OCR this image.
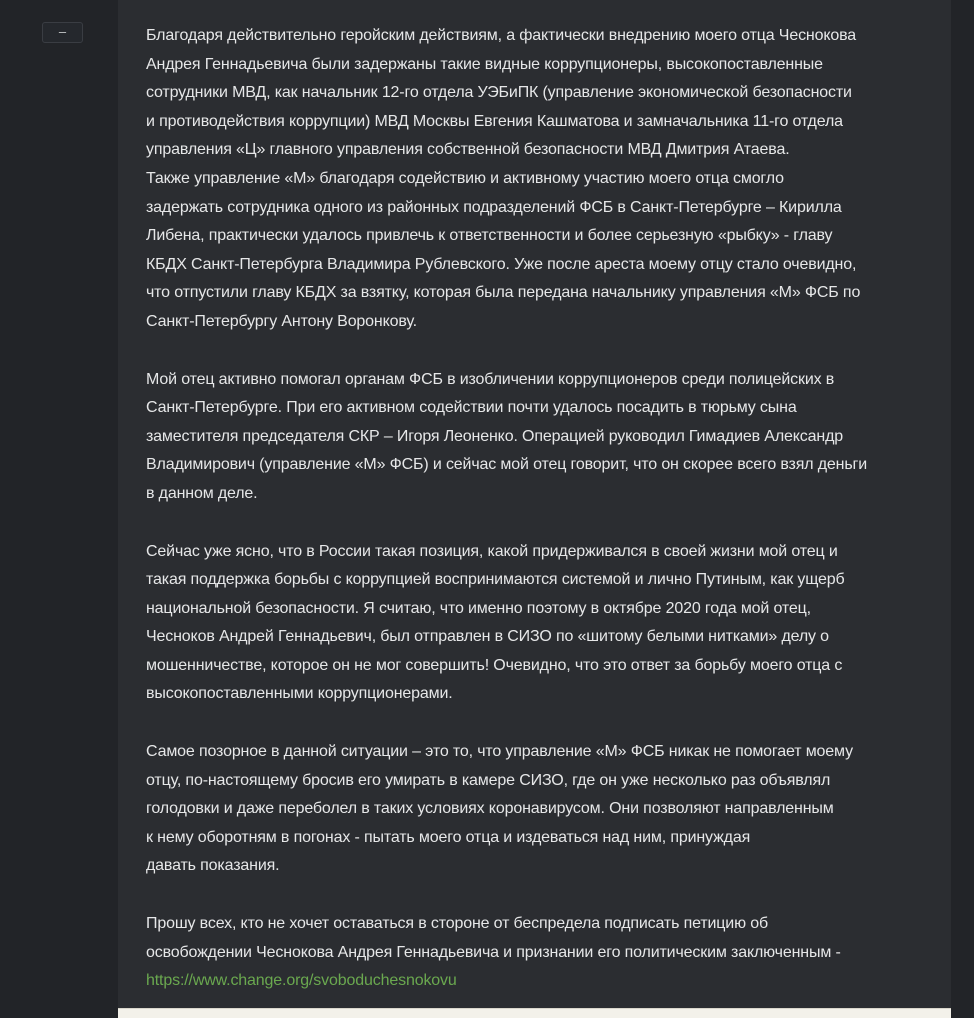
–	Благодаря действительно геройским действиям, а фактически внедрению моего отца Чеснокова
Андрея Геннадьевича были задержаны такие видные коррупционеры, высокопоставленные
сотрудники МВД, как начальник 12-го отдела УЭБиПК (управление экономической безопасности
и противодействия коррупции) МВД Москвы Евгения Кашматова и замначальника 11-го отдела
управления «Ц» главного управления собственной безопасности МВД Дмитрия Атаева.
Также управление «М» благодаря содействию и активному участию моего отца смогло
задержать сотрудника одного из районных подразделений ФСБ в Санкт-Петербурге – Кирилла
Либена, практически удалось привлечь к ответственности и более серьезную «рыбку» - главу
КБДХ Санкт-Петербурга Владимира Рублевского. Уже после ареста моему отцу стало очевидно,
что отпустили главу КБДХ за взятку, которая была передана начальнику управления «М» ФСБ по
Санкт-Петербургу Антону Воронкову.

Мой отец активно помогал органам ФСБ в изобличении коррупционеров среди полицейских в
Санкт-Петербурге. При его активном содействии почти удалось посадить в тюрьму сына
заместителя председателя СКР – Игоря Леоненко. Операцией руководил Гимадиев Александр
Владимирович (управление «М» ФСБ) и сейчас мой отец говорит, что он скорее всего взял деньги
в данном деле.

Сейчас уже ясно, что в России такая позиция, какой придерживался в своей жизни мой отец и
такая поддержка борьбы с коррупцией воспринимаются системой и лично Путиным, как ущерб
национальной безопасности. Я считаю, что именно поэтому в октябре 2020 года мой отец,
Чесноков Андрей Геннадьевич, был отправлен в СИЗО по «шитому белыми нитками» делу о
мошенничестве, которое он не мог совершить! Очевидно, что это ответ за борьбу моего отца с
высокопоставленными коррупционерами.

Самое позорное в данной ситуации – это то, что управление «М» ФСБ никак не помогает моему
отцу, по-настоящему бросив его умирать в камере СИЗО, где он уже несколько раз объявлял
голодовки и даже переболел в таких условиях коронавирусом. Они позволяют направленным
к нему оборотням в погонах - пытать моего отца и издеваться над ним, принуждая
давать показания.

Прошу всех, кто не хочет оставаться в стороне от беспредела подписать петицию об
освобождении Чеснокова Андрея Геннадьевича и признании его политическим заключенным -
https://www.change.org/svoboduchesnokovu
